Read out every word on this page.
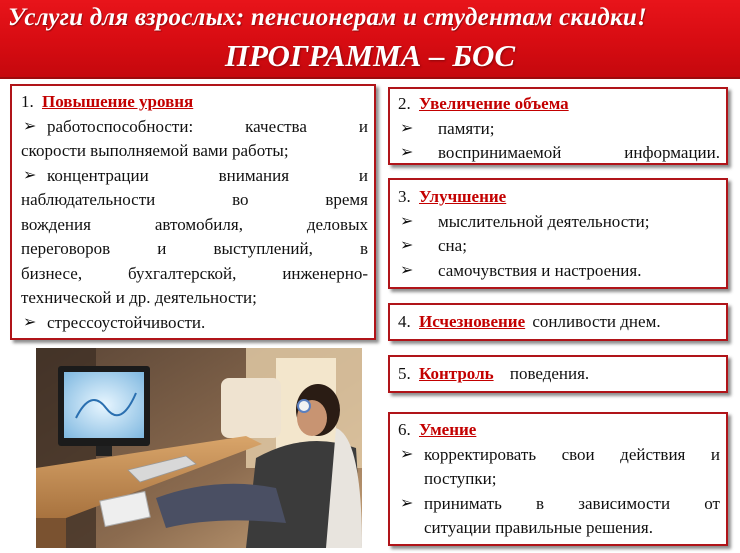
Услуги для взрослых: пенсионерам и студентам скидки!
ПРОГРАММА – БОС
1. Повышение уровня
➢ работоспособности: качества и
скорости выполняемой вами работы;
➢ концентрации внимания и
наблюдательности во время
вождения автомобиля, деловых
переговоров и выступлений, в
бизнесе, бухгалтерской, инженерно-
технической и др. деятельности;
➢ стрессоустойчивости.
2. Увеличение объема
➢ памяти;
➢ воспринимаемой информации.
3. Улучшение
➢ мыслительной деятельности;
➢ сна;
➢ самочувствия и настроения.
4. Исчезновение сонливости днем.
5. Контроль поведения.
6. Умение
➢ корректировать свои действия и
поступки;
➢ принимать в зависимости от
ситуации правильные решения.
